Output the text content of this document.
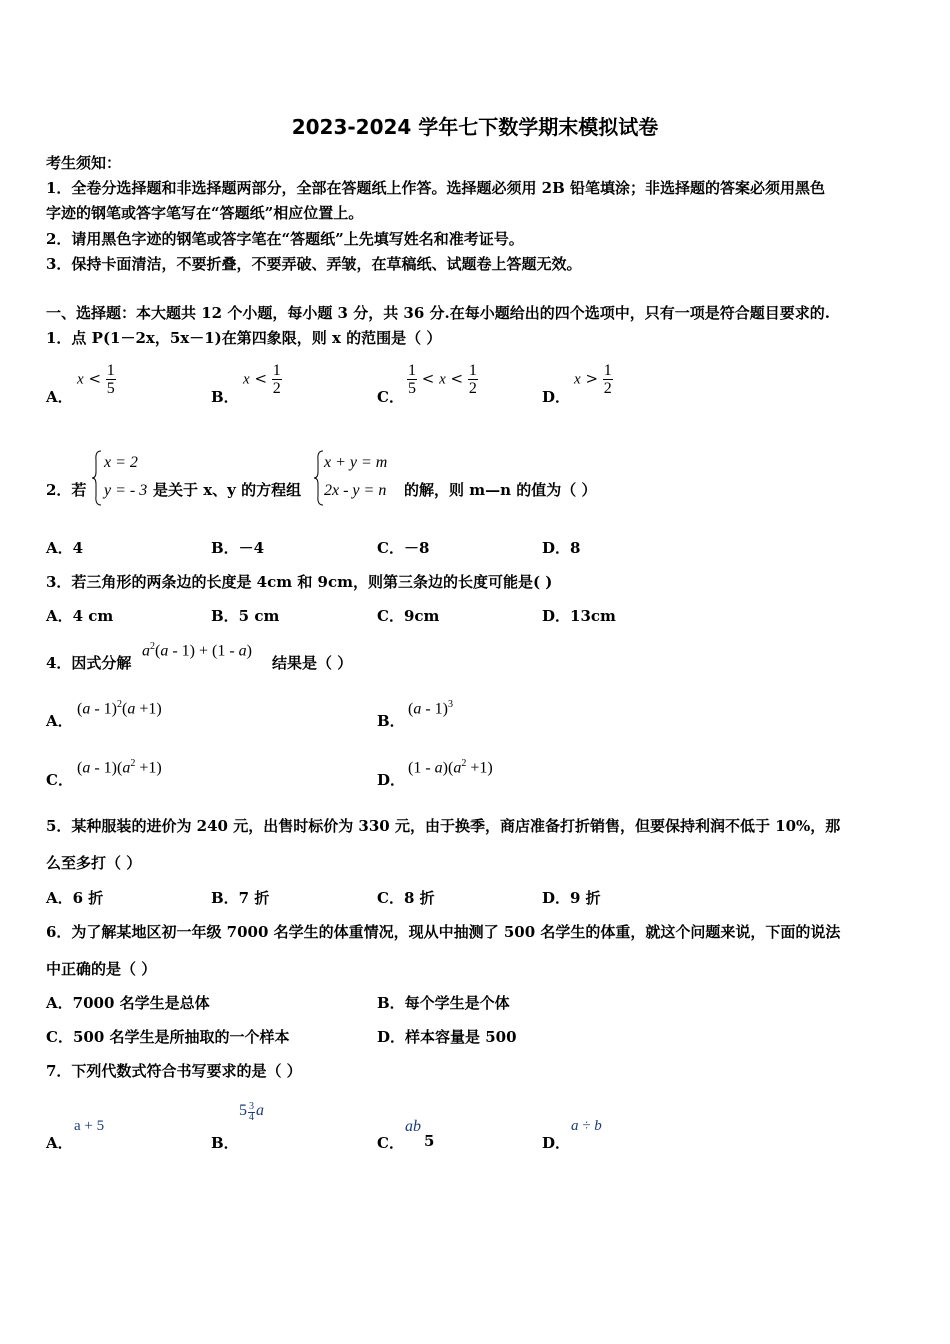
2023-2024 学年七下数学期末模拟试卷
考生须知：
1．全卷分选择题和非选择题两部分，全部在答题纸上作答。选择题必须用 2B 铅笔填涂；非选择题的答案必须用黑色
字迹的钢笔或答字笔写在“答题纸”相应位置上。
2．请用黑色字迹的钢笔或答字笔在“答题纸”上先填写姓名和准考证号。
3．保持卡面清洁，不要折叠，不要弄破、弄皱，在草稿纸、试题卷上答题无效。
一、选择题：本大题共 12 个小题，每小题 3 分，共 36 分.在每小题给出的四个选项中，只有一项是符合题目要求的.
1．点 P(1－2x，5x－1)在第四象限，则 x 的范围是（ ）
A．
$x < \frac{1}{5}$	B．
$x < \frac{1}{2}$	C． $\frac{1}{5} < x < \frac{1}{2}$	D．
$x > \frac{1}{2}$
2．若
x = 2
y = - 3 是关于 x、y 的方程组
x + y = m
2x - y = n 的解，则 m—n 的值为（ ）
A．4	B．－4	C．－8	D．8
3．若三角形的两条边的长度是 4cm 和 9cm，则第三条边的长度可能是( )
A．4 cm	B．5 cm	C．9cm	D．13cm
4．因式分解
$a^2(a - 1) + (1 - a)$
结果是（ ）
A．
(a - 1)$^2$(a +1)
B．
(a - 1)$^3$
C．
$(a - 1)(a^2 +1)$
D．
$(1 - a)(a^2 +1)$
5．某种服装的进价为 240 元，出售时标价为 330 元，由于换季，商店准备打折销售，但要保持利润不低于 10%，那
么至多打（ ）
A．6 折	B．7 折	C．8 折	D．9 折
6．为了解某地区初一年级 7000 名学生的体重情况，现从中抽测了 500 名学生的体重，就这个问题来说，下面的说法
中正确的是（ ）
A．7000 名学生是总体	B．每个学生是个体
C．500 名学生是所抽取的一个样本	D．样本容量是 500
7．下列代数式符合书写要求的是（ ）
A．
a + 5
B．
$5 \frac{3}{4}$ a
C．
ab
5	D．
a ÷ b
